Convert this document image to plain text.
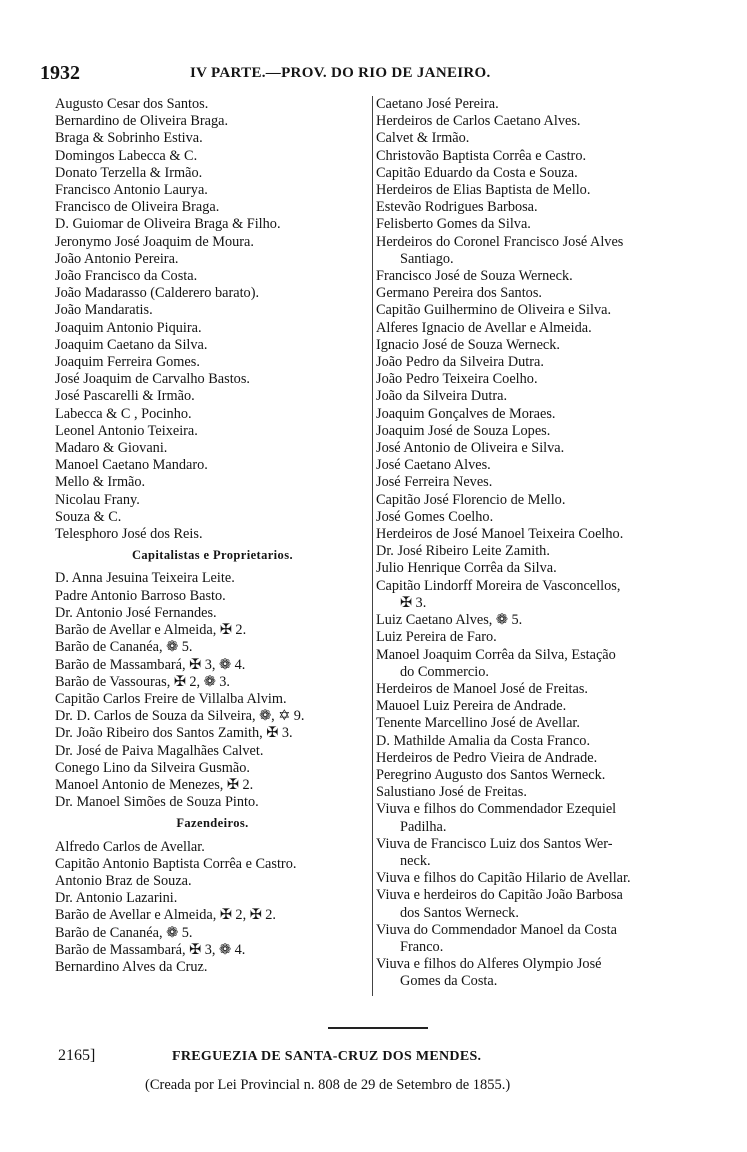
1932	IV PARTE.—PROV. DO RIO DE JANEIRO.
Augusto Cesar dos Santos.
Bernardino de Oliveira Braga.
Braga & Sobrinho Estiva.
Domingos Labecca & C.
Donato Terzella & Irmão.
Francisco Antonio Laurya.
Francisco de Oliveira Braga.
D. Guiomar de Oliveira Braga & Filho.
Jeronymo José Joaquim de Moura.
João Antonio Pereira.
João Francisco da Costa.
João Madarasso (Calderero barato).
João Mandaratis.
Joaquim Antonio Piquira.
Joaquim Caetano da Silva.
Joaquim Ferreira Gomes.
José Joaquim de Carvalho Bastos.
José Pascarelli & Irmão.
Labecca & C , Pocinho.
Leonel Antonio Teixeira.
Madaro & Giovani.
Manoel Caetano Mandaro.
Mello & Irmão.
Nicolau Frany.
Souza & C.
Telesphoro José dos Reis.
Capitalistas e Proprietarios.
D. Anna Jesuina Teixeira Leite.
Padre Antonio Barroso Basto.
Dr. Antonio José Fernandes.
Barão de Avellar e Almeida, ✠ 2.
Barão de Cananéa, ❁ 5.
Barão de Massambará, ✠ 3, ❁ 4.
Barão de Vassouras, ✠ 2, ❁ 3.
Capitão Carlos Freire de Villalba Alvim.
Dr. D. Carlos de Souza da Silveira, ❁, ✡ 9.
Dr. João Ribeiro dos Santos Zamith, ✠ 3.
Dr. José de Paiva Magalhães Calvet.
Conego Lino da Silveira Gusmão.
Manoel Antonio de Menezes, ✠ 2.
Dr. Manoel Simões de Souza Pinto.
Fazendeiros.
Alfredo Carlos de Avellar.
Capitão Antonio Baptista Corrêa e Castro.
Antonio Braz de Souza.
Dr. Antonio Lazarini.
Barão de Avellar e Almeida, ✠ 2, ✠ 2.
Barão de Cananéa, ❁ 5.
Barão de Massambará, ✠ 3, ❁ 4.
Bernardino Alves da Cruz.
Caetano José Pereira.
Herdeiros de Carlos Caetano Alves.
Calvet & Irmão.
Christovão Baptista Corrêa e Castro.
Capitão Eduardo da Costa e Souza.
Herdeiros de Elias Baptista de Mello.
Estevão Rodrigues Barbosa.
Felisberto Gomes da Silva.
Herdeiros do Coronel Francisco José Alves
Santiago.
Francisco José de Souza Werneck.
Germano Pereira dos Santos.
Capitão Guilhermino de Oliveira e Silva.
Alferes Ignacio de Avellar e Almeida.
Ignacio José de Souza Werneck.
João Pedro da Silveira Dutra.
João Pedro Teixeira Coelho.
João da Silveira Dutra.
Joaquim Gonçalves de Moraes.
Joaquim José de Souza Lopes.
José Antonio de Oliveira e Silva.
José Caetano Alves.
José Ferreira Neves.
Capitão José Florencio de Mello.
José Gomes Coelho.
Herdeiros de José Manoel Teixeira Coelho.
Dr. José Ribeiro Leite Zamith.
Julio Henrique Corrêa da Silva.
Capitão Lindorff Moreira de Vasconcellos,
✠ 3.
Luiz Caetano Alves, ❁ 5.
Luiz Pereira de Faro.
Manoel Joaquim Corrêa da Silva, Estação
do Commercio.
Herdeiros de Manoel José de Freitas.
Mauoel Luiz Pereira de Andrade.
Tenente Marcellino José de Avellar.
D. Mathilde Amalia da Costa Franco.
Herdeiros de Pedro Vieira de Andrade.
Peregrino Augusto dos Santos Werneck.
Salustiano José de Freitas.
Viuva e filhos do Commendador Ezequiel
Padilha.
Viuva de Francisco Luiz dos Santos Wer-
neck.
Viuva e filhos do Capitão Hilario de Avellar.
Viuva e herdeiros do Capitão João Barbosa
dos Santos Werneck.
Viuva do Commendador Manoel da Costa
Franco.
Viuva e filhos do Alferes Olympio José
Gomes da Costa.
2165]	FREGUEZIA DE SANTA-CRUZ DOS MENDES.
(Creada por Lei Provincial n. 808 de 29 de Setembro de 1855.)
